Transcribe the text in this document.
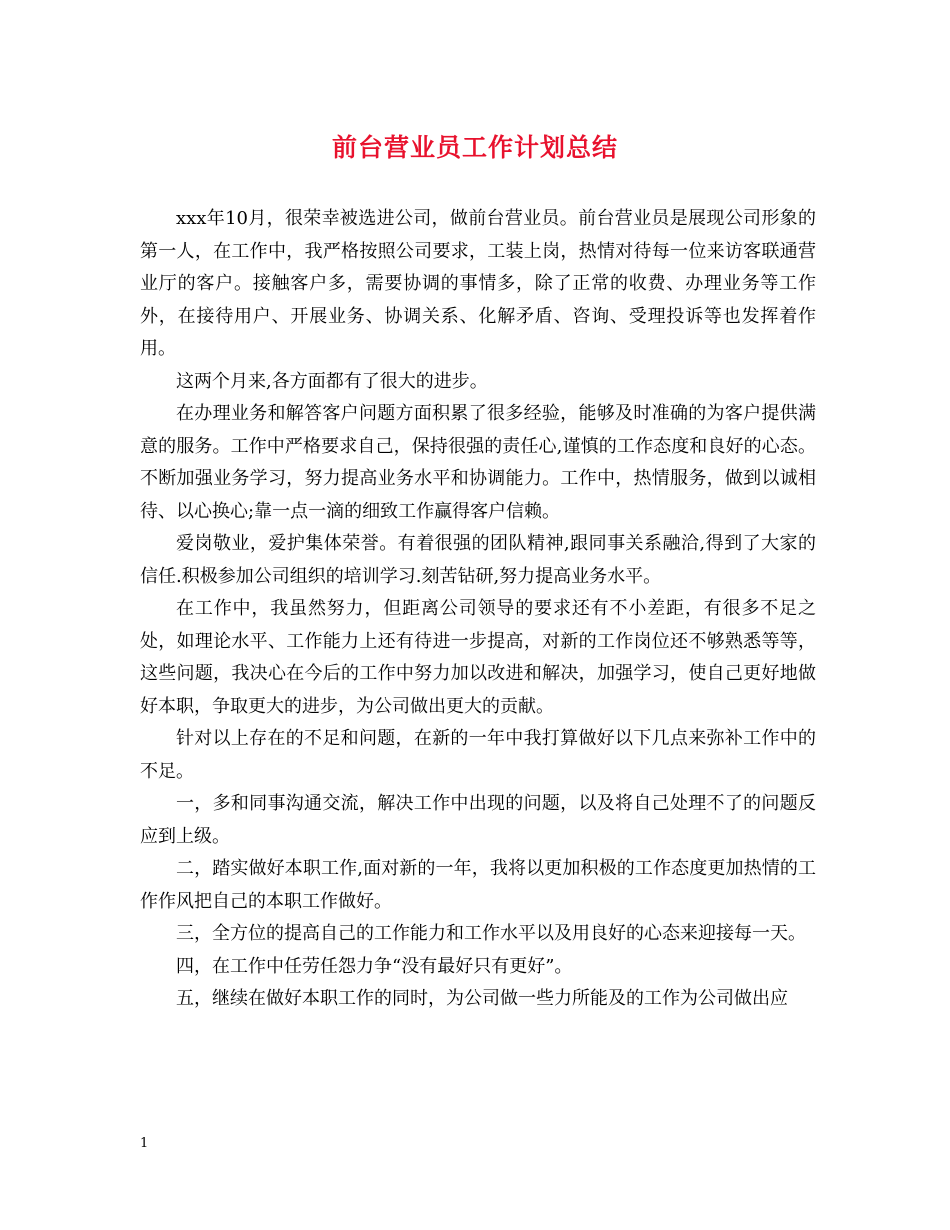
前台营业员工作计划总结

xxx年10月，很荣幸被选进公司，做前台营业员。前台营业员是展现公司形象的第一人，在工作中，我严格按照公司要求，工装上岗，热情对待每一位来访客联通营业厅的客户。接触客户多，需要协调的事情多，除了正常的收费、办理业务等工作外，在接待用户、开展业务、协调关系、化解矛盾、咨询、受理投诉等也发挥着作用。

这两个月来,各方面都有了很大的进步。

在办理业务和解答客户问题方面积累了很多经验，能够及时准确的为客户提供满意的服务。工作中严格要求自己，保持很强的责任心,谨慎的工作态度和良好的心态。不断加强业务学习，努力提高业务水平和协调能力。工作中，热情服务，做到以诚相待、以心换心;靠一点一滴的细致工作赢得客户信赖。

爱岗敬业，爱护集体荣誉。有着很强的团队精神,跟同事关系融洽,得到了大家的信任.积极参加公司组织的培训学习.刻苦钻研,努力提高业务水平。

在工作中，我虽然努力，但距离公司领导的要求还有不小差距，有很多不足之处，如理论水平、工作能力上还有待进一步提高，对新的工作岗位还不够熟悉等等，这些问题，我决心在今后的工作中努力加以改进和解决，加强学习，使自己更好地做好本职，争取更大的进步，为公司做出更大的贡献。

针对以上存在的不足和问题，在新的一年中我打算做好以下几点来弥补工作中的不足。

一，多和同事沟通交流，解决工作中出现的问题，以及将自己处理不了的问题反应到上级。

二，踏实做好本职工作,面对新的一年，我将以更加积极的工作态度更加热情的工作作风把自己的本职工作做好。

三，全方位的提高自己的工作能力和工作水平以及用良好的心态来迎接每一天。

四，在工作中任劳任怨力争“没有最好只有更好”。

五，继续在做好本职工作的同时，为公司做一些力所能及的工作为公司做出应

1
